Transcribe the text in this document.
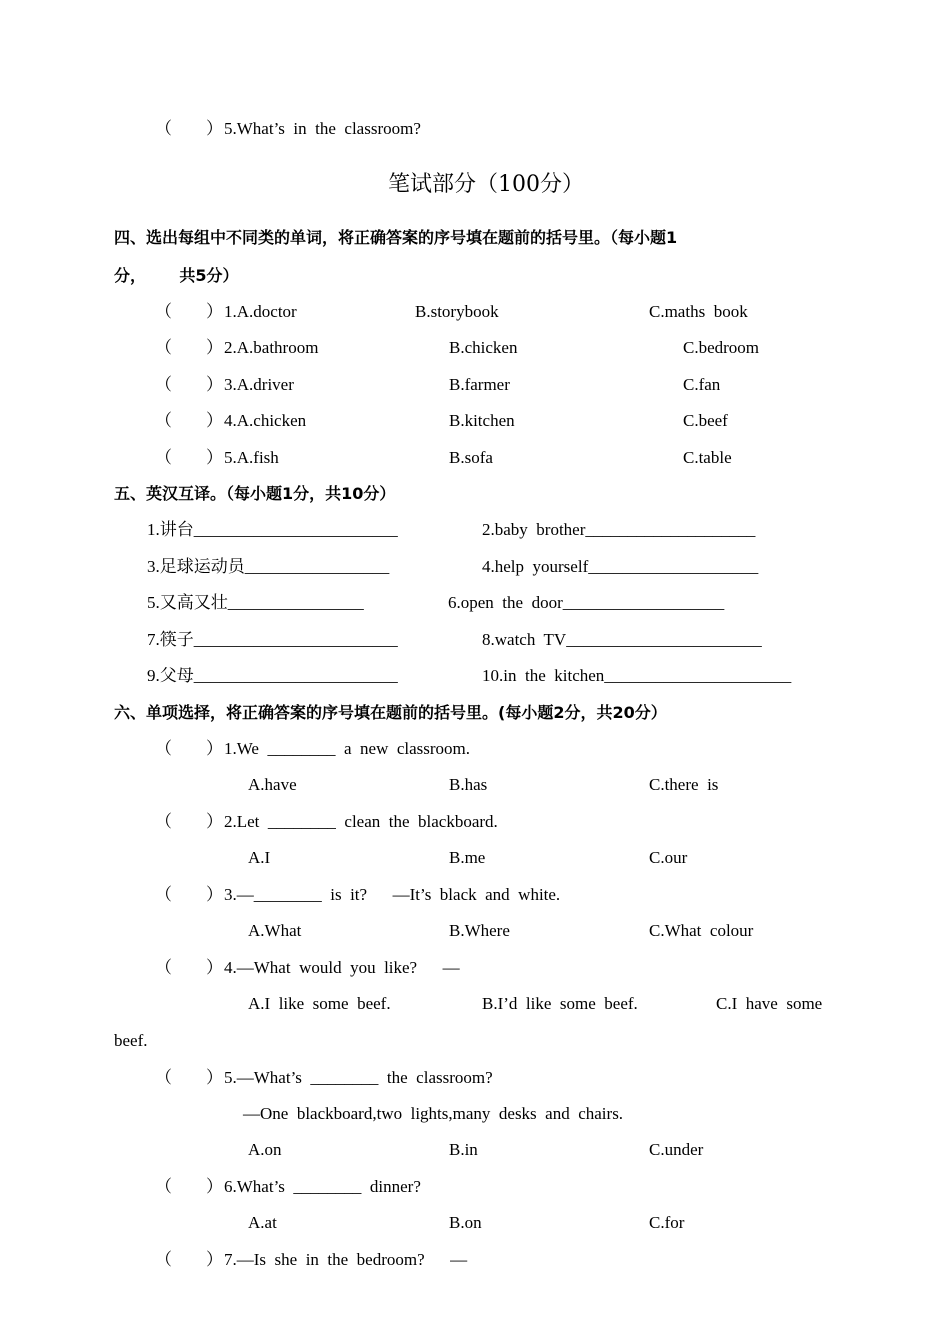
（        ） 5.What’s  in  the  classroom?
笔试部分（100分）
四、选出每组中不同类的单词，将正确答案的序号填在题前的括号里。（每小题1
分，      共5分）
（        ） 1.A.doctor	B.storybook	C.maths  book
（        ） 2.A.bathroom	B.chicken	C.bedroom
（        ） 3.A.driver	B.farmer	C.fan
（        ） 4.A.chicken	B.kitchen	C.beef
（        ） 5.A.fish	B.sofa	C.table
五、英汉互译。（每小题1分，共10分）
1.讲台________________________	2.baby  brother____________________
3.足球运动员_________________	4.help  yourself____________________
5.又高又壮________________	6.open  the  door___________________
7.筷子________________________	8.watch  TV_______________________
9.父母________________________	10.in  the  kitchen______________________
六、单项选择，将正确答案的序号填在题前的括号里。(每小题2分，共20分）
（        ） 1.We  ________  a  new  classroom.
A.have	B.has	C.there  is
（        ） 2.Let  ________  clean  the  blackboard.
A.I	B.me	C.our
（        ） 3.—________  is  it?      —It’s  black  and  white.
A.What	B.Where	C.What  colour
（        ） 4.—What  would  you  like?      —
A.I  like  some  beef.	B.I’d  like  some  beef.	C.I  have  some
beef.
（        ） 5.—What’s  ________  the  classroom?
—One  blackboard,two  lights,many  desks  and  chairs.
A.on	B.in	C.under
（        ） 6.What’s  ________  dinner?
A.at	B.on	C.for
（        ） 7.—Is  she  in  the  bedroom?      —
